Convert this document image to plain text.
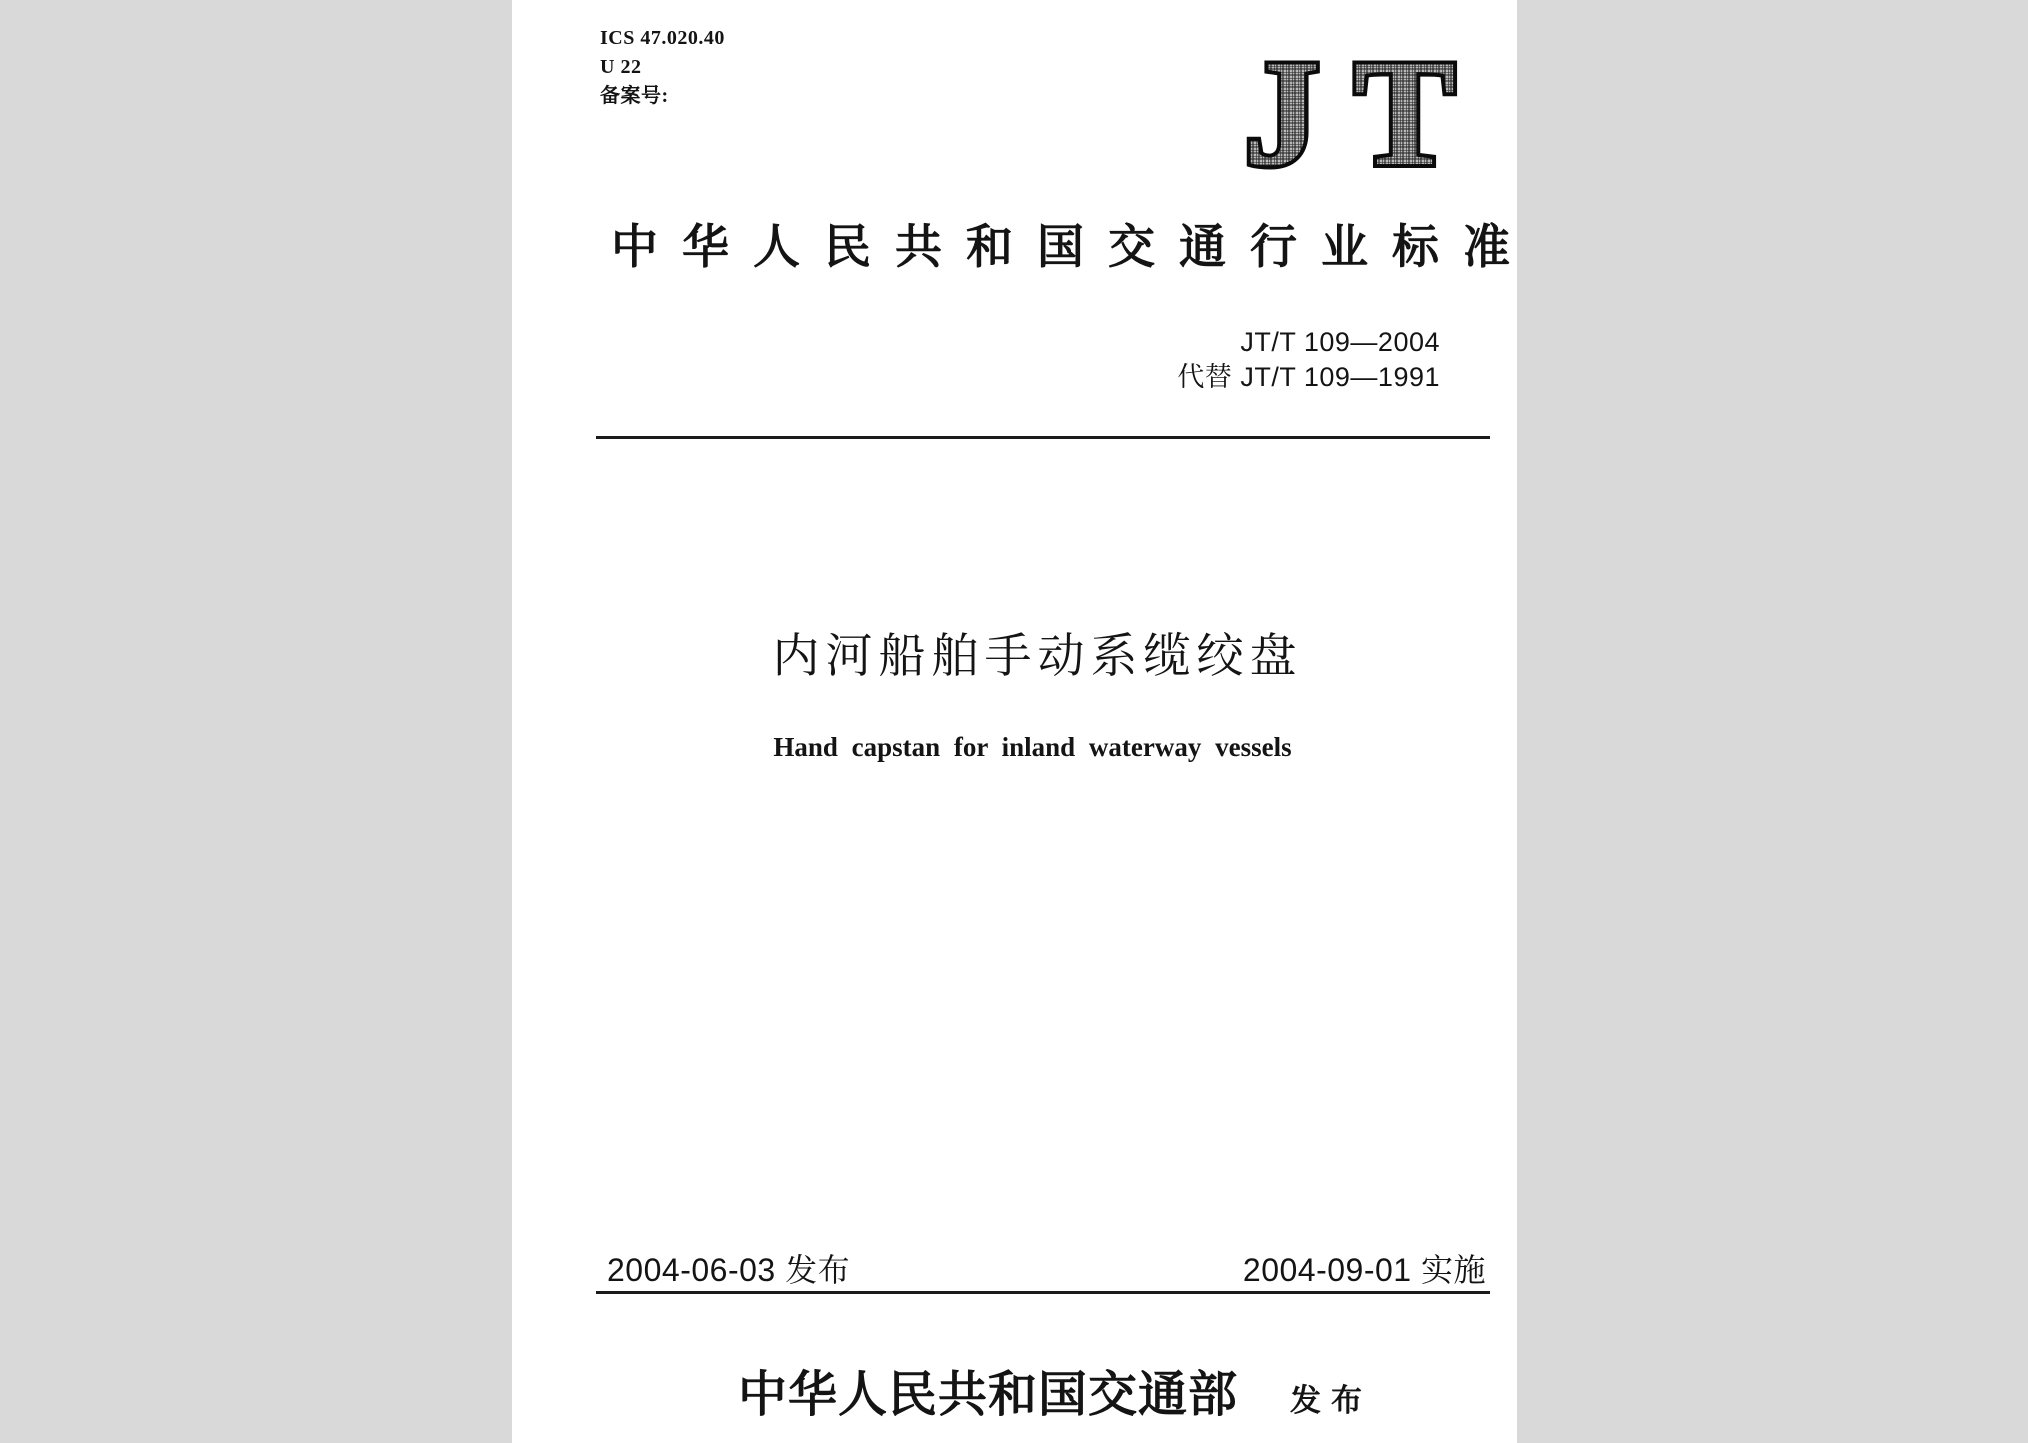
ICS 47.020.40
U 22
备案号:	JT
中华人民共和国交通行业标准
JT/T 109—2004
代替 JT/T 109—1991
内河船舶手动系缆绞盘
Hand capstan for inland waterway vessels
2004-06-03 发布	2004-09-01 实施
中华人民共和国交通部 发布
